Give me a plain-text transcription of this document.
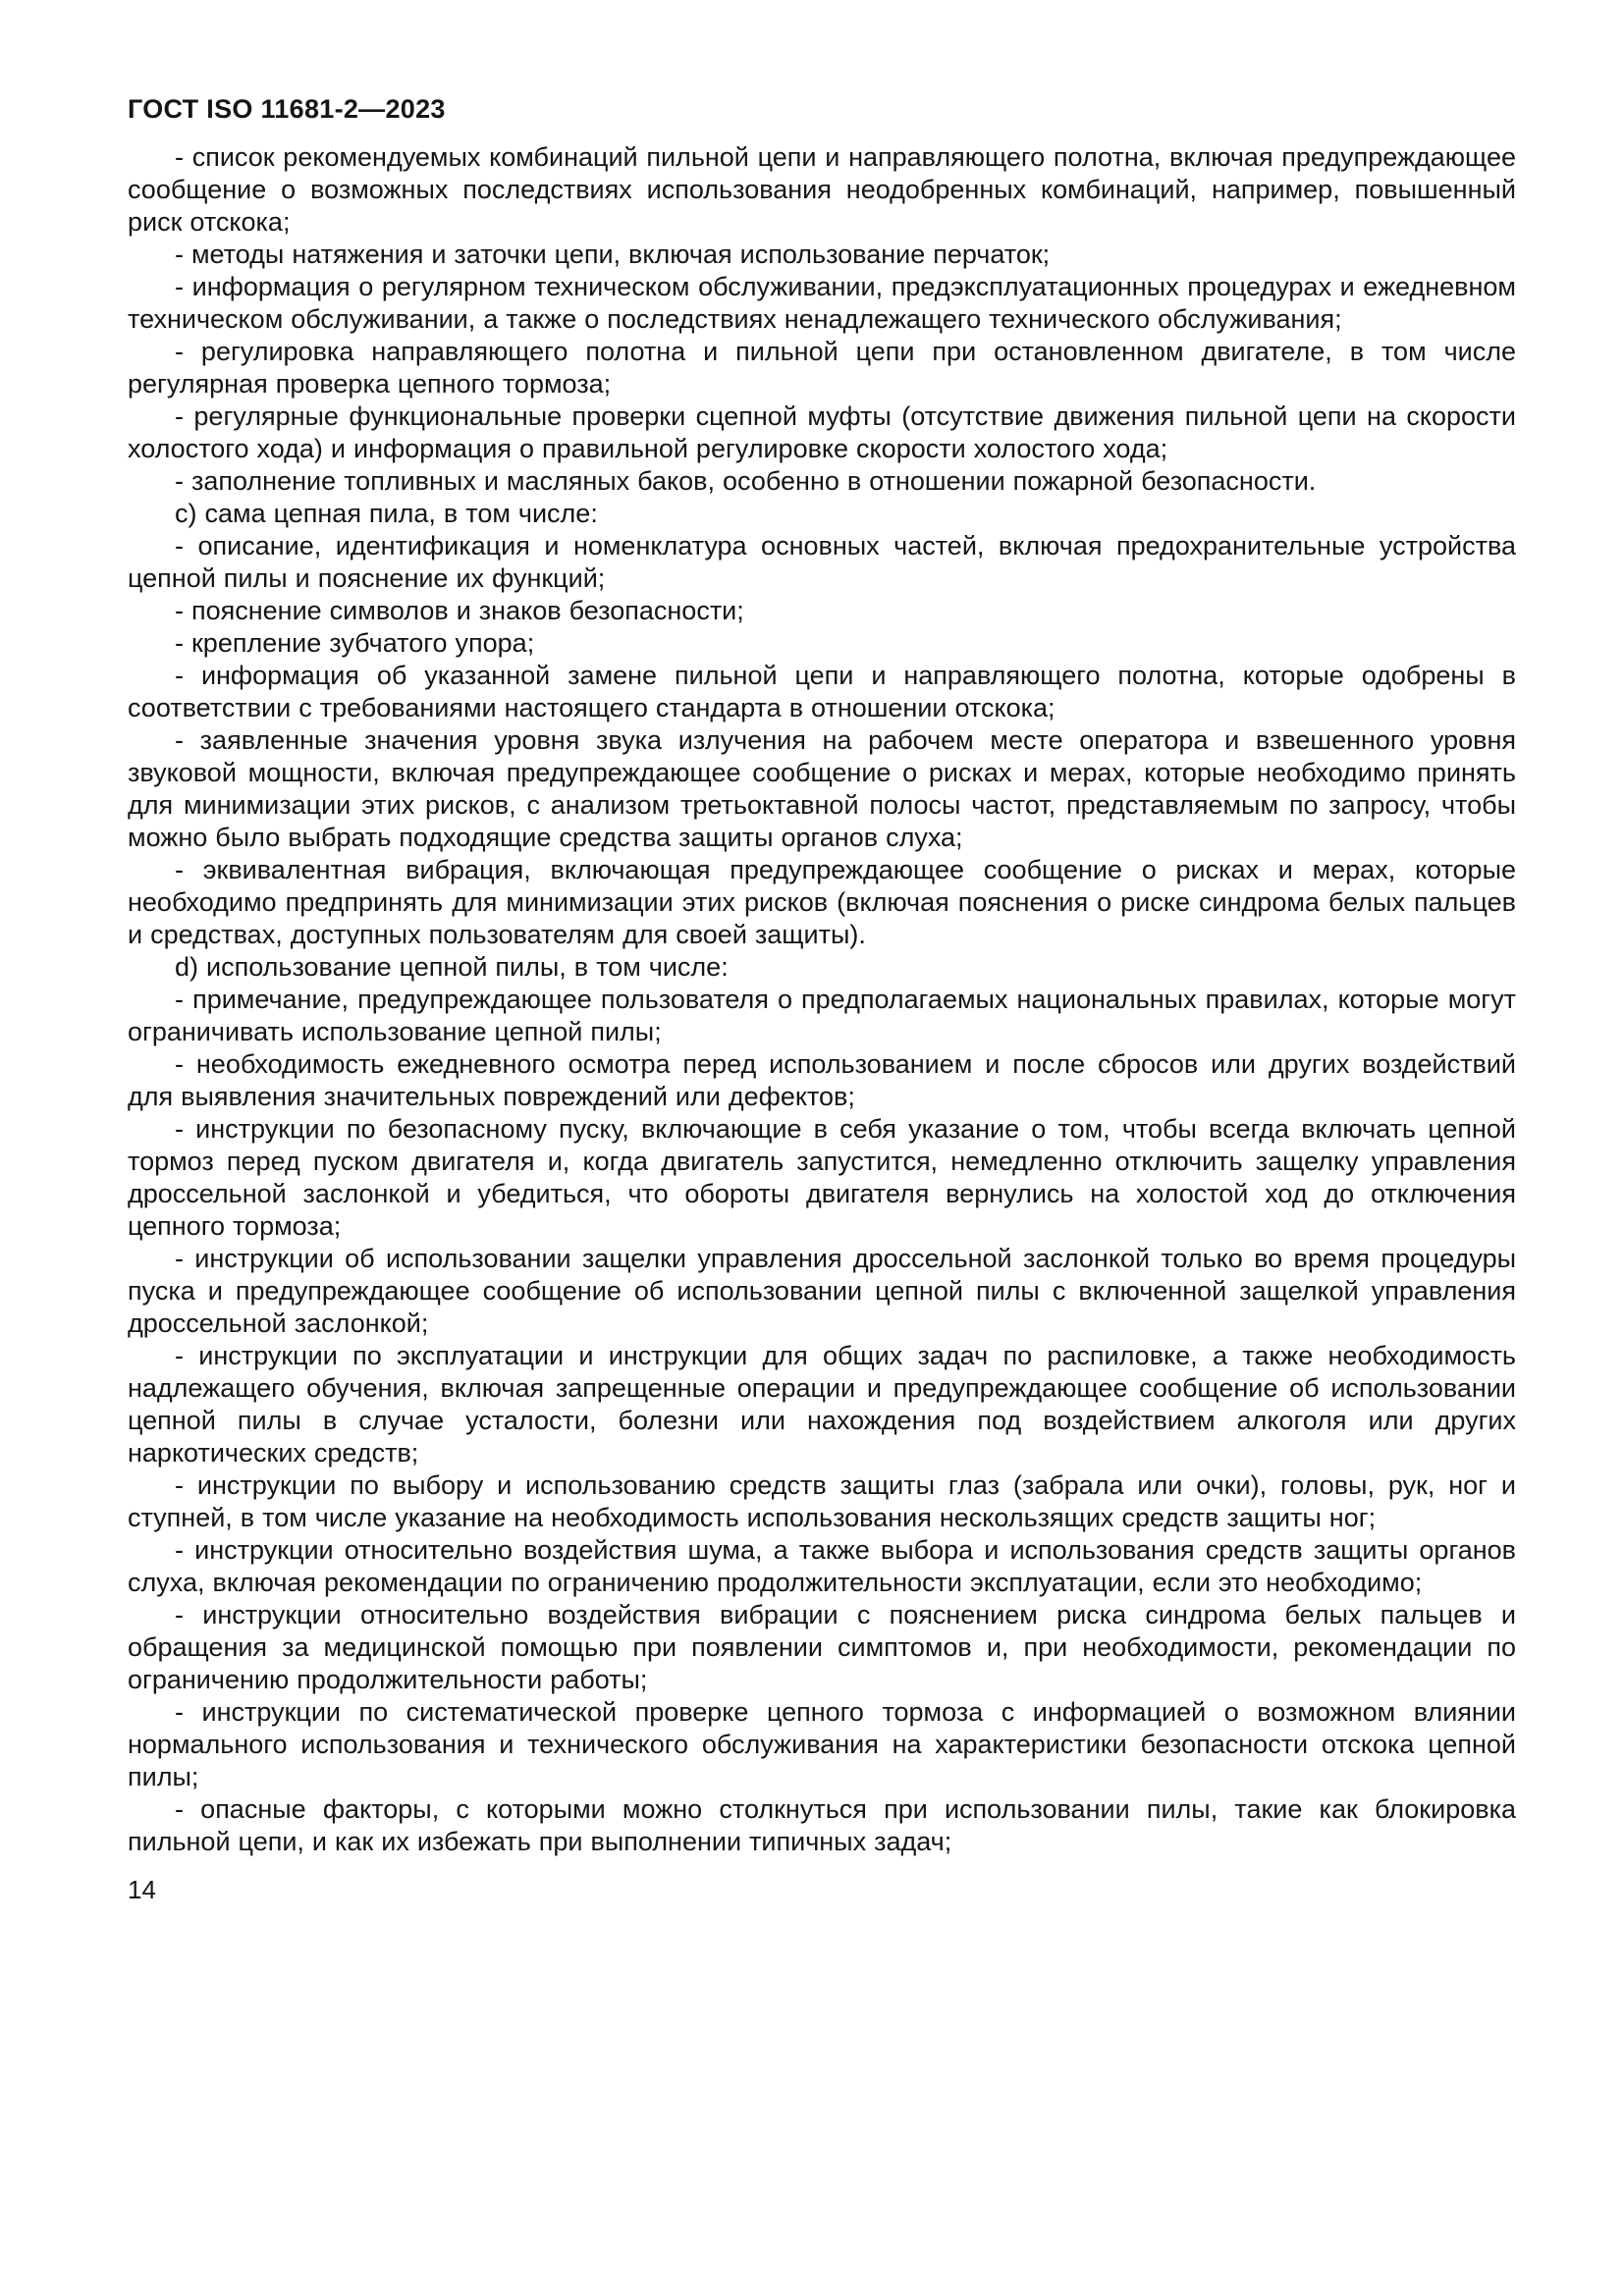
ГОСТ ISO 11681-2—2023

- список рекомендуемых комбинаций пильной цепи и направляющего полотна, включая предупреждающее сообщение о возможных последствиях использования неодобренных комбинаций, например, повышенный риск отскока;

- методы натяжения и заточки цепи, включая использование перчаток;

- информация о регулярном техническом обслуживании, предэксплуатационных процедурах и ежедневном техническом обслуживании, а также о последствиях ненадлежащего технического обслуживания;

- регулировка направляющего полотна и пильной цепи при остановленном двигателе, в том числе регулярная проверка цепного тормоза;

- регулярные функциональные проверки сцепной муфты (отсутствие движения пильной цепи на скорости холостого хода) и информация о правильной регулировке скорости холостого хода;

- заполнение топливных и масляных баков, особенно в отношении пожарной безопасности.

c) сама цепная пила, в том числе:

- описание, идентификация и номенклатура основных частей, включая предохранительные устройства цепной пилы и пояснение их функций;

- пояснение символов и знаков безопасности;

- крепление зубчатого упора;

- информация об указанной замене пильной цепи и направляющего полотна, которые одобрены в соответствии с требованиями настоящего стандарта в отношении отскока;

- заявленные значения уровня звука излучения на рабочем месте оператора и взвешенного уровня звуковой мощности, включая предупреждающее сообщение о рисках и мерах, которые необходимо принять для минимизации этих рисков, с анализом третьоктавной полосы частот, представляемым по запросу, чтобы можно было выбрать подходящие средства защиты органов слуха;

- эквивалентная вибрация, включающая предупреждающее сообщение о рисках и мерах, которые необходимо предпринять для минимизации этих рисков (включая пояснения о риске синдрома белых пальцев и средствах, доступных пользователям для своей защиты).

d) использование цепной пилы, в том числе:

- примечание, предупреждающее пользователя о предполагаемых национальных правилах, которые могут ограничивать использование цепной пилы;

- необходимость ежедневного осмотра перед использованием и после сбросов или других воздействий для выявления значительных повреждений или дефектов;

- инструкции по безопасному пуску, включающие в себя указание о том, чтобы всегда включать цепной тормоз перед пуском двигателя и, когда двигатель запустится, немедленно отключить защелку управления дроссельной заслонкой и убедиться, что обороты двигателя вернулись на холостой ход до отключения цепного тормоза;

- инструкции об использовании защелки управления дроссельной заслонкой только во время процедуры пуска и предупреждающее сообщение об использовании цепной пилы с включенной защелкой управления дроссельной заслонкой;

- инструкции по эксплуатации и инструкции для общих задач по распиловке, а также необходимость надлежащего обучения, включая запрещенные операции и предупреждающее сообщение об использовании цепной пилы в случае усталости, болезни или нахождения под воздействием алкоголя или других наркотических средств;

- инструкции по выбору и использованию средств защиты глаз (забрала или очки), головы, рук, ног и ступней, в том числе указание на необходимость использования нескользящих средств защиты ног;

- инструкции относительно воздействия шума, а также выбора и использования средств защиты органов слуха, включая рекомендации по ограничению продолжительности эксплуатации, если это необходимо;

- инструкции относительно воздействия вибрации с пояснением риска синдрома белых пальцев и обращения за медицинской помощью при появлении симптомов и, при необходимости, рекомендации по ограничению продолжительности работы;

- инструкции по систематической проверке цепного тормоза с информацией о возможном влиянии нормального использования и технического обслуживания на характеристики безопасности отскока цепной пилы;

- опасные факторы, с которыми можно столкнуться при использовании пилы, такие как блокировка пильной цепи, и как их избежать при выполнении типичных задач;

14
